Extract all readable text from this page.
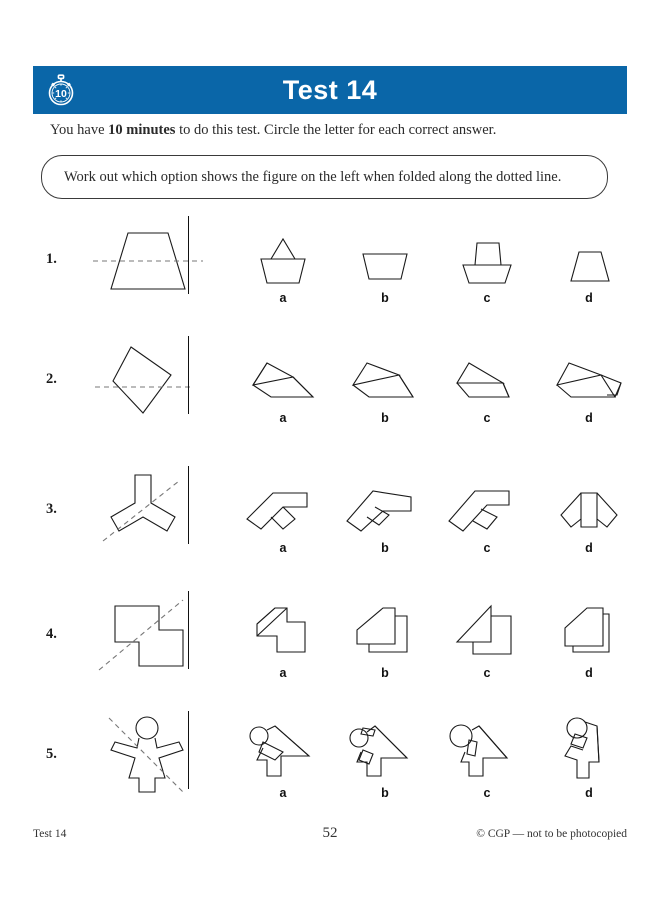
10	Test 14
You have 10 minutes to do this test. Circle the letter for each correct answer.
Work out which option shows the figure on the left when folded along the dotted line.
1.
a	b	c	d
2.
a	b	c	d
3.
a	b	c	d
4.
a	b	c	d
5.
a	b	c	d
Test 14	52	© CGP — not to be photocopied
